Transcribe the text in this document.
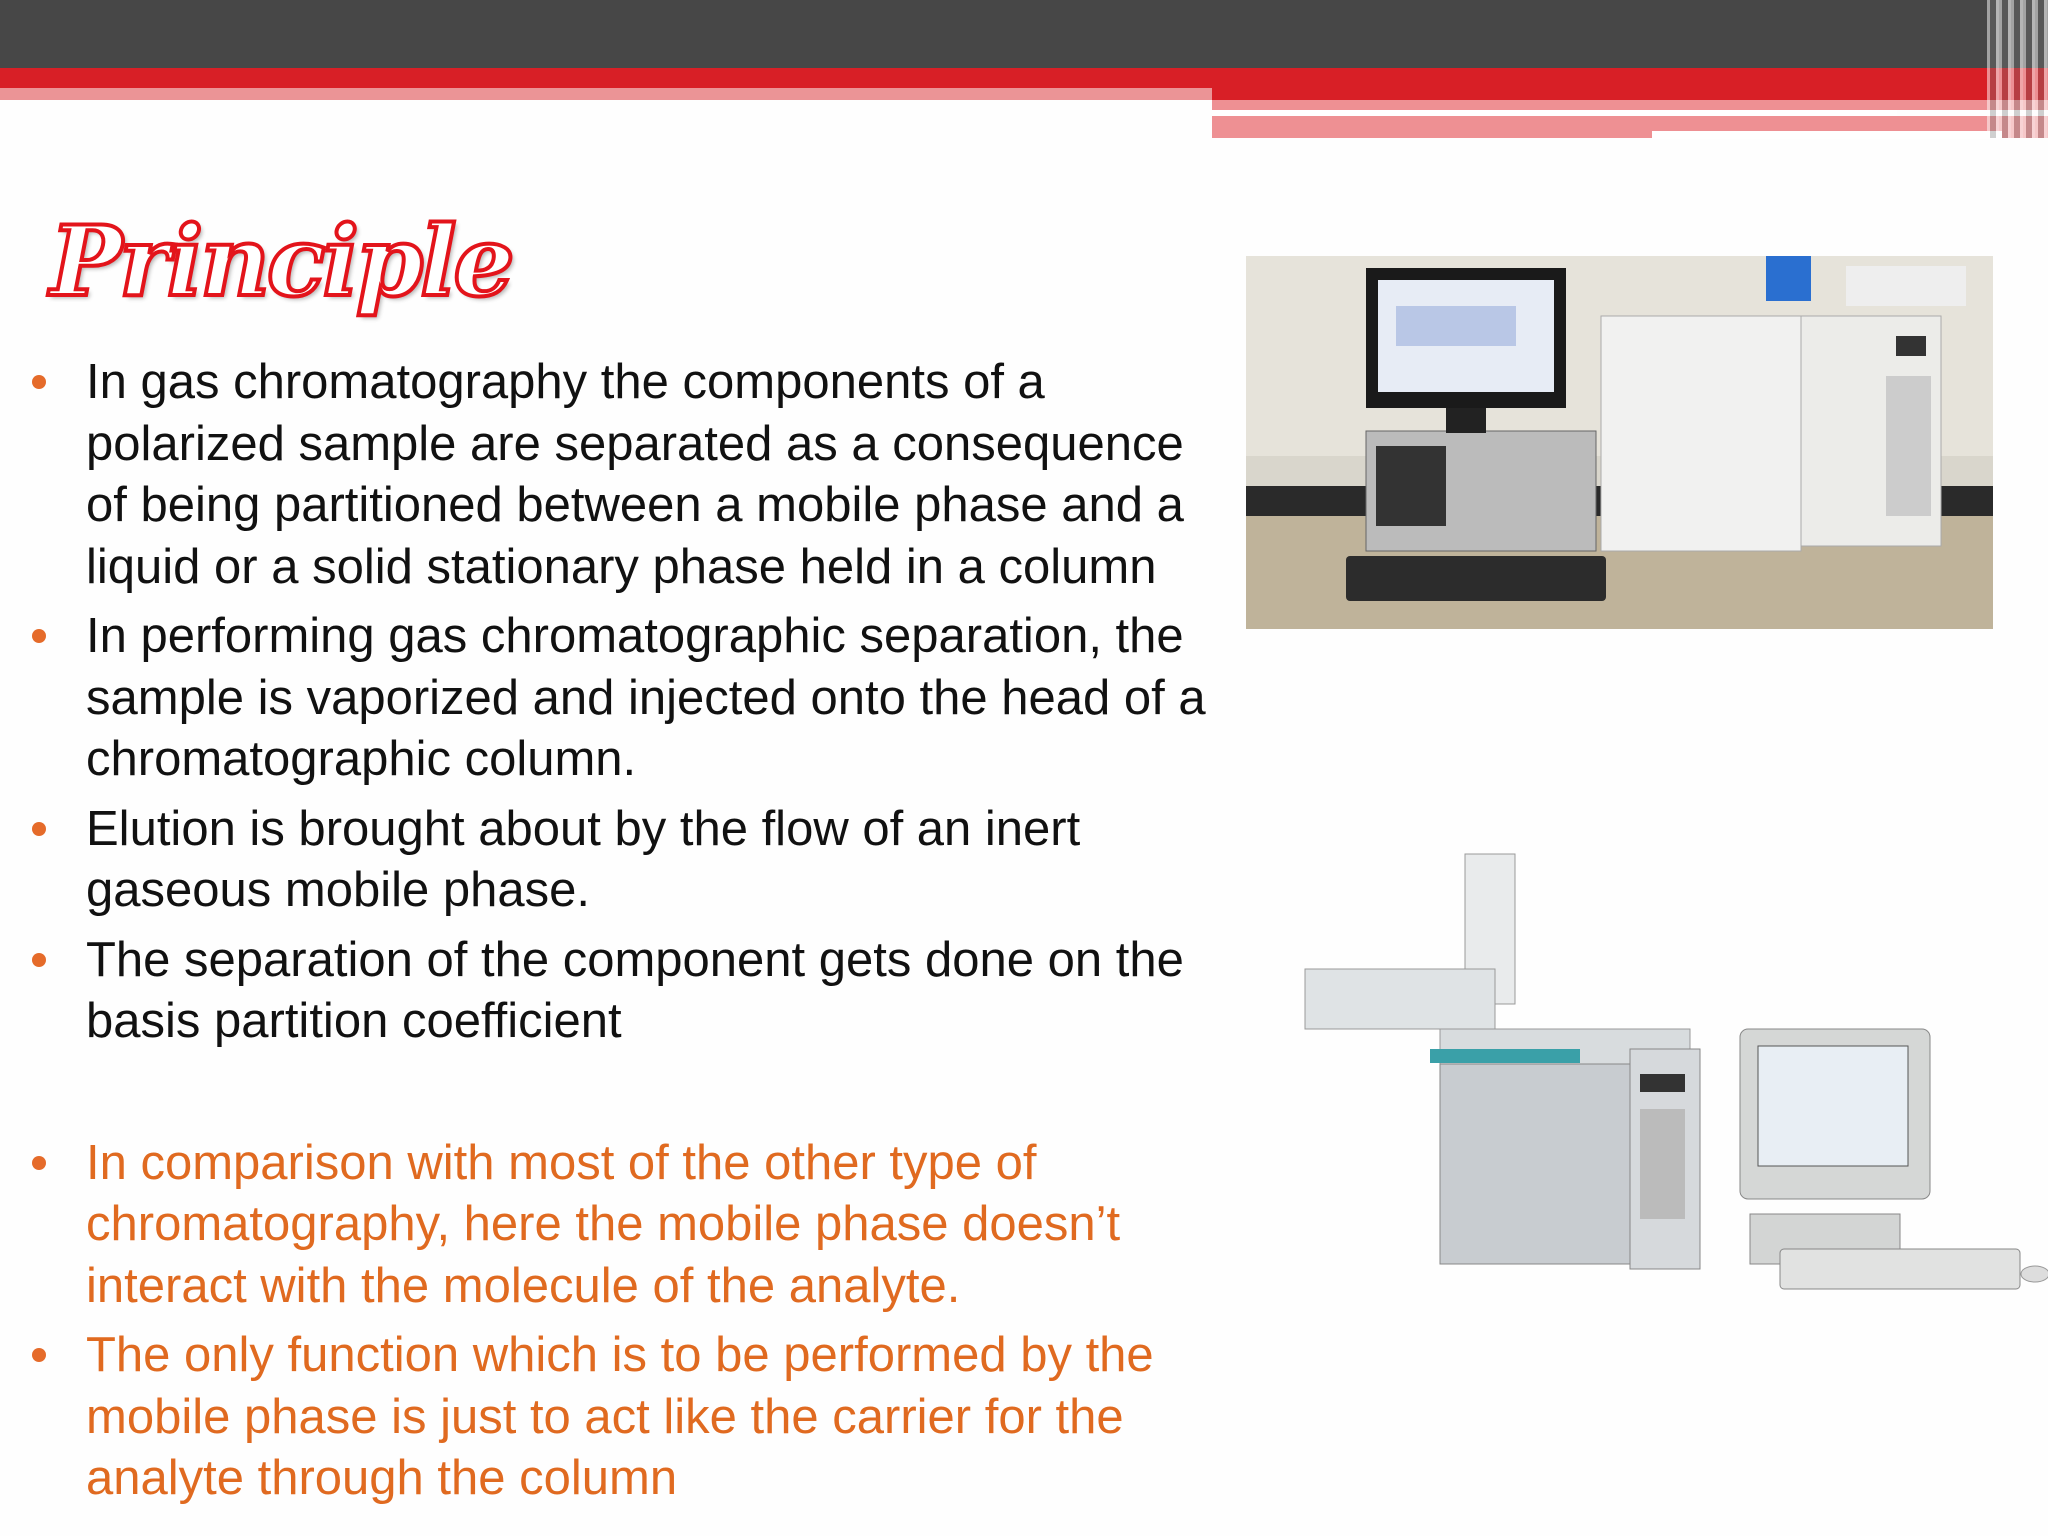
Principle
In gas chromatography the components of a
polarized sample are separated as a consequence
of being partitioned between a mobile phase and a
liquid or a solid stationary phase held in a column
In performing gas chromatographic separation, the
sample is vaporized and injected onto the head of a
chromatographic column.
Elution is brought about by the flow of an inert
gaseous mobile phase.
The separation of the component gets done on the
basis partition coefficient
In comparison with most of the other type of
chromatography, here the mobile phase doesn’t
interact with the molecule of the analyte.
The only function which is to be performed by the
mobile phase is just to act like the carrier for the
analyte through the column
